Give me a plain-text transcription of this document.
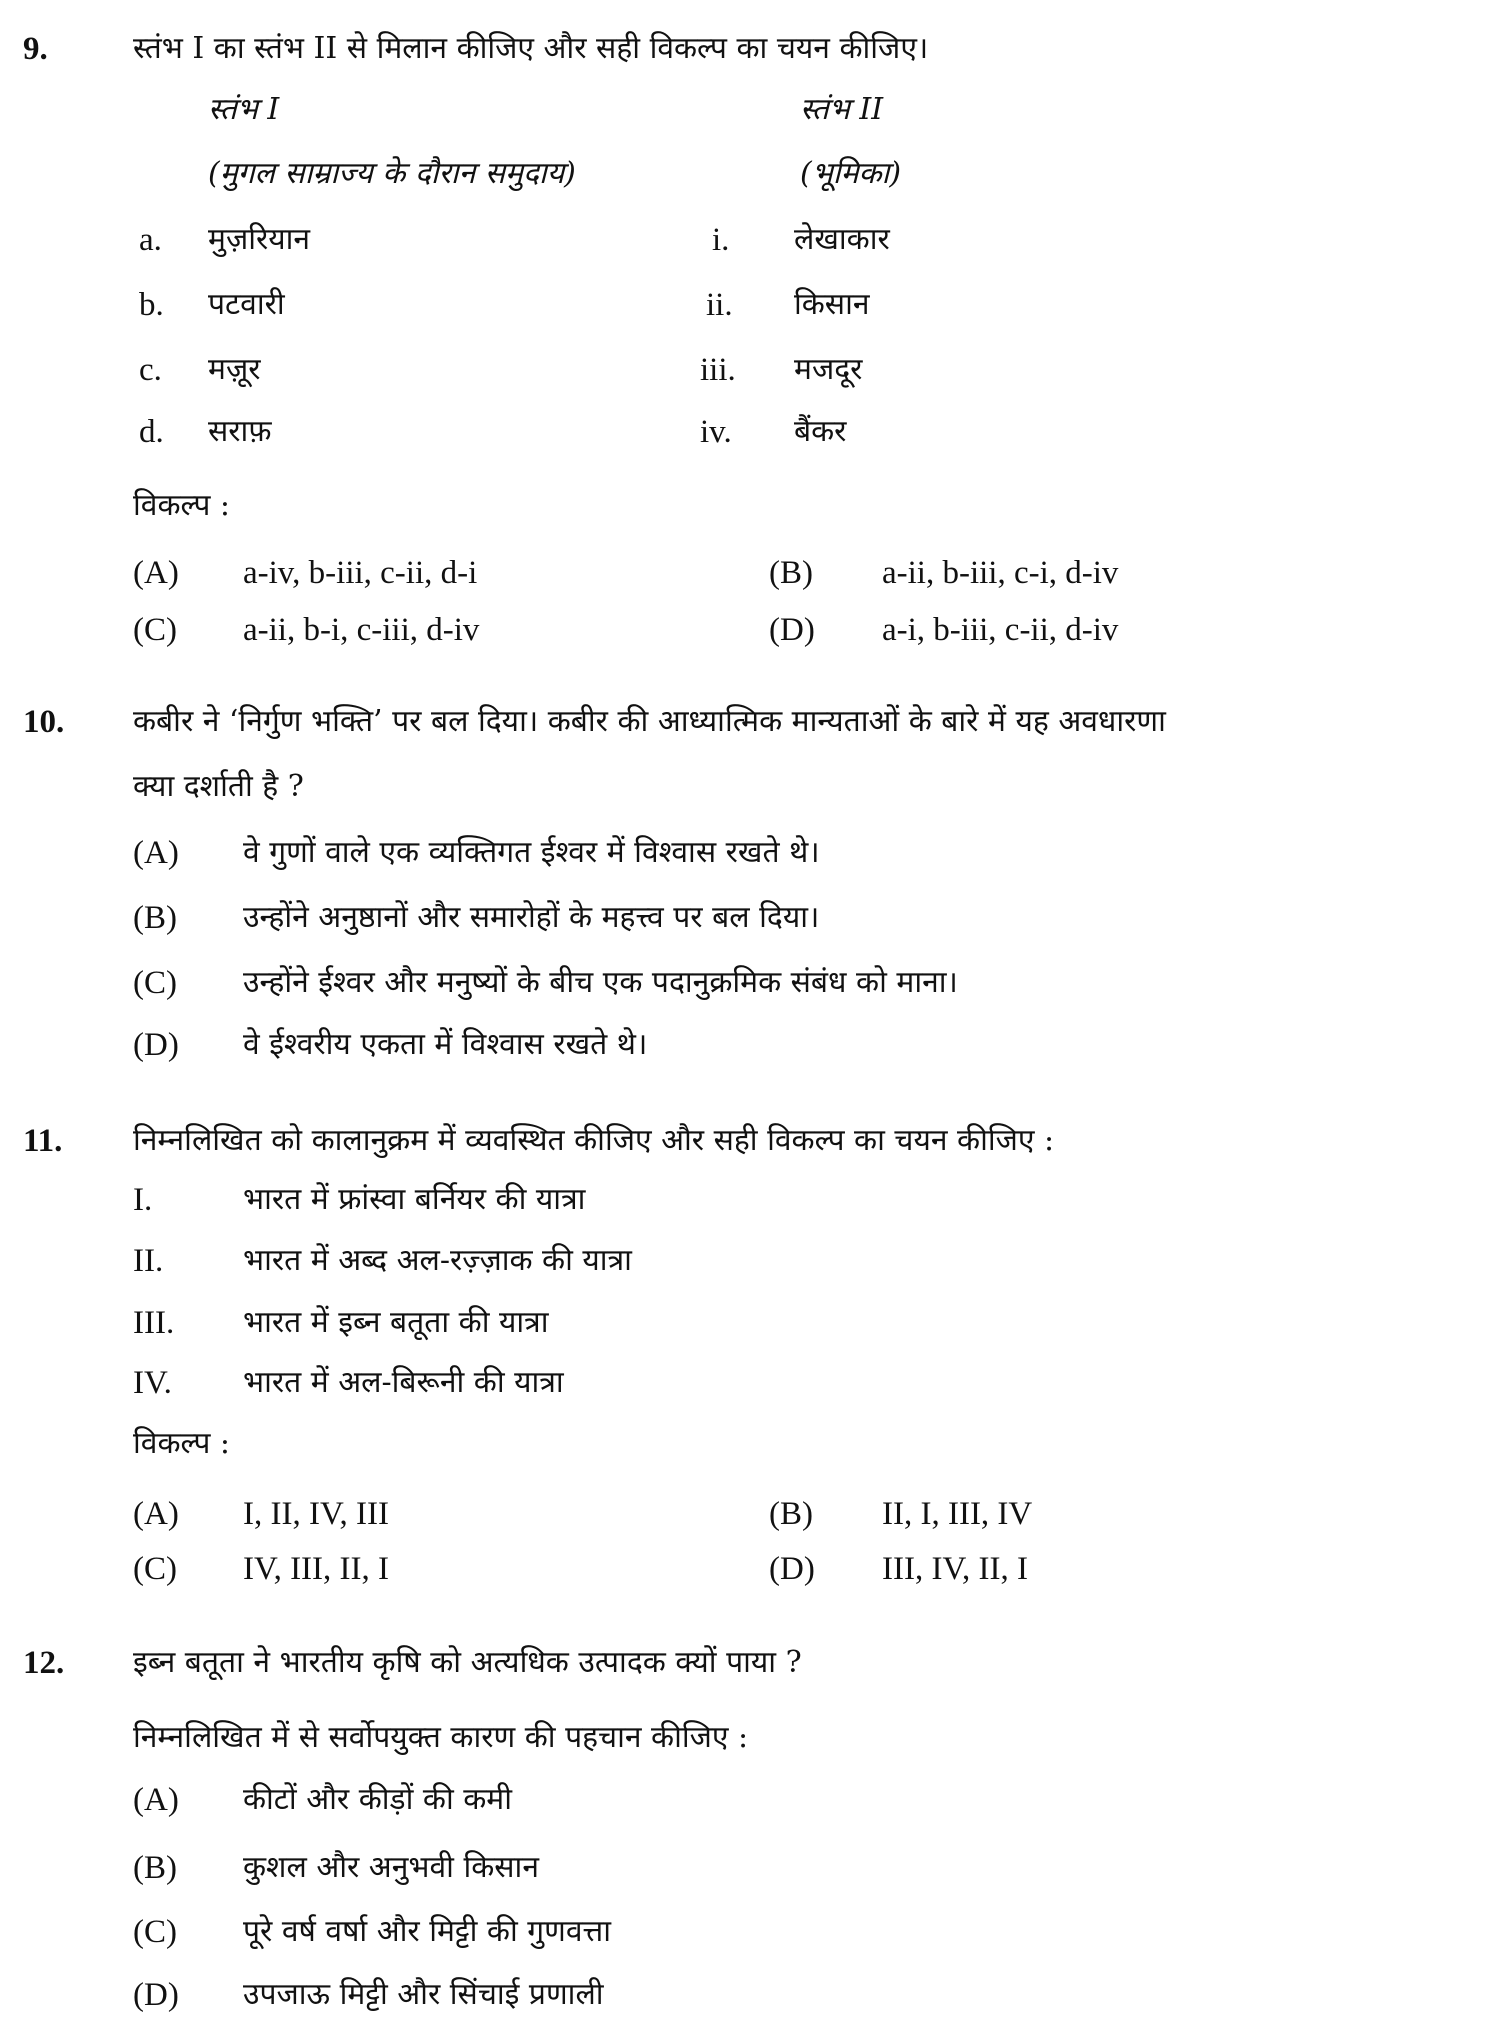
9.	स्तंभ I का स्तंभ II से मिलान कीजिए और सही विकल्प का चयन कीजिए।
स्तंभ I	स्तंभ II
(मुगल साम्राज्य के दौरान समुदाय)	(भूमिका)
a. मुज़रियान	i. लेखाकार
b. पटवारी	ii. किसान
c. मज़ूर	iii. मजदूर
d. सराफ़	iv. बैंकर
विकल्प :
(A) a-iv, b-iii, c-ii, d-i	(B) a-ii, b-iii, c-i, d-iv
(C) a-ii, b-i, c-iii, d-iv	(D) a-i, b-iii, c-ii, d-iv
10. कबीर ने ‘निर्गुण भक्ति’ पर बल दिया। कबीर की आध्यात्मिक मान्यताओं के बारे में यह अवधारणा
क्या दर्शाती है ?
(A) वे गुणों वाले एक व्यक्तिगत ईश्वर में विश्वास रखते थे।
(B) उन्होंने अनुष्ठानों और समारोहों के महत्त्व पर बल दिया।
(C) उन्होंने ईश्वर और मनुष्यों के बीच एक पदानुक्रमिक संबंध को माना।
(D) वे ईश्वरीय एकता में विश्वास रखते थे।
11. निम्नलिखित को कालानुक्रम में व्यवस्थित कीजिए और सही विकल्प का चयन कीजिए :
I.	भारत में फ्रांस्वा बर्नियर की यात्रा
II.	भारत में अब्द अल-रज़्ज़ाक की यात्रा
III. भारत में इब्न बतूता की यात्रा
IV. भारत में अल-बिरूनी की यात्रा
विकल्प :
(A) I, II, IV, III	(B) II, I, III, IV
(C) IV, III, II, I	(D) III, IV, II, I
12. इब्न बतूता ने भारतीय कृषि को अत्यधिक उत्पादक क्यों पाया ?
निम्नलिखित में से सर्वोपयुक्त कारण की पहचान कीजिए :
(A) कीटों और कीड़ों की कमी
(B) कुशल और अनुभवी किसान
(C) पूरे वर्ष वर्षा और मिट्टी की गुणवत्ता
(D) उपजाऊ मिट्टी और सिंचाई प्रणाली
